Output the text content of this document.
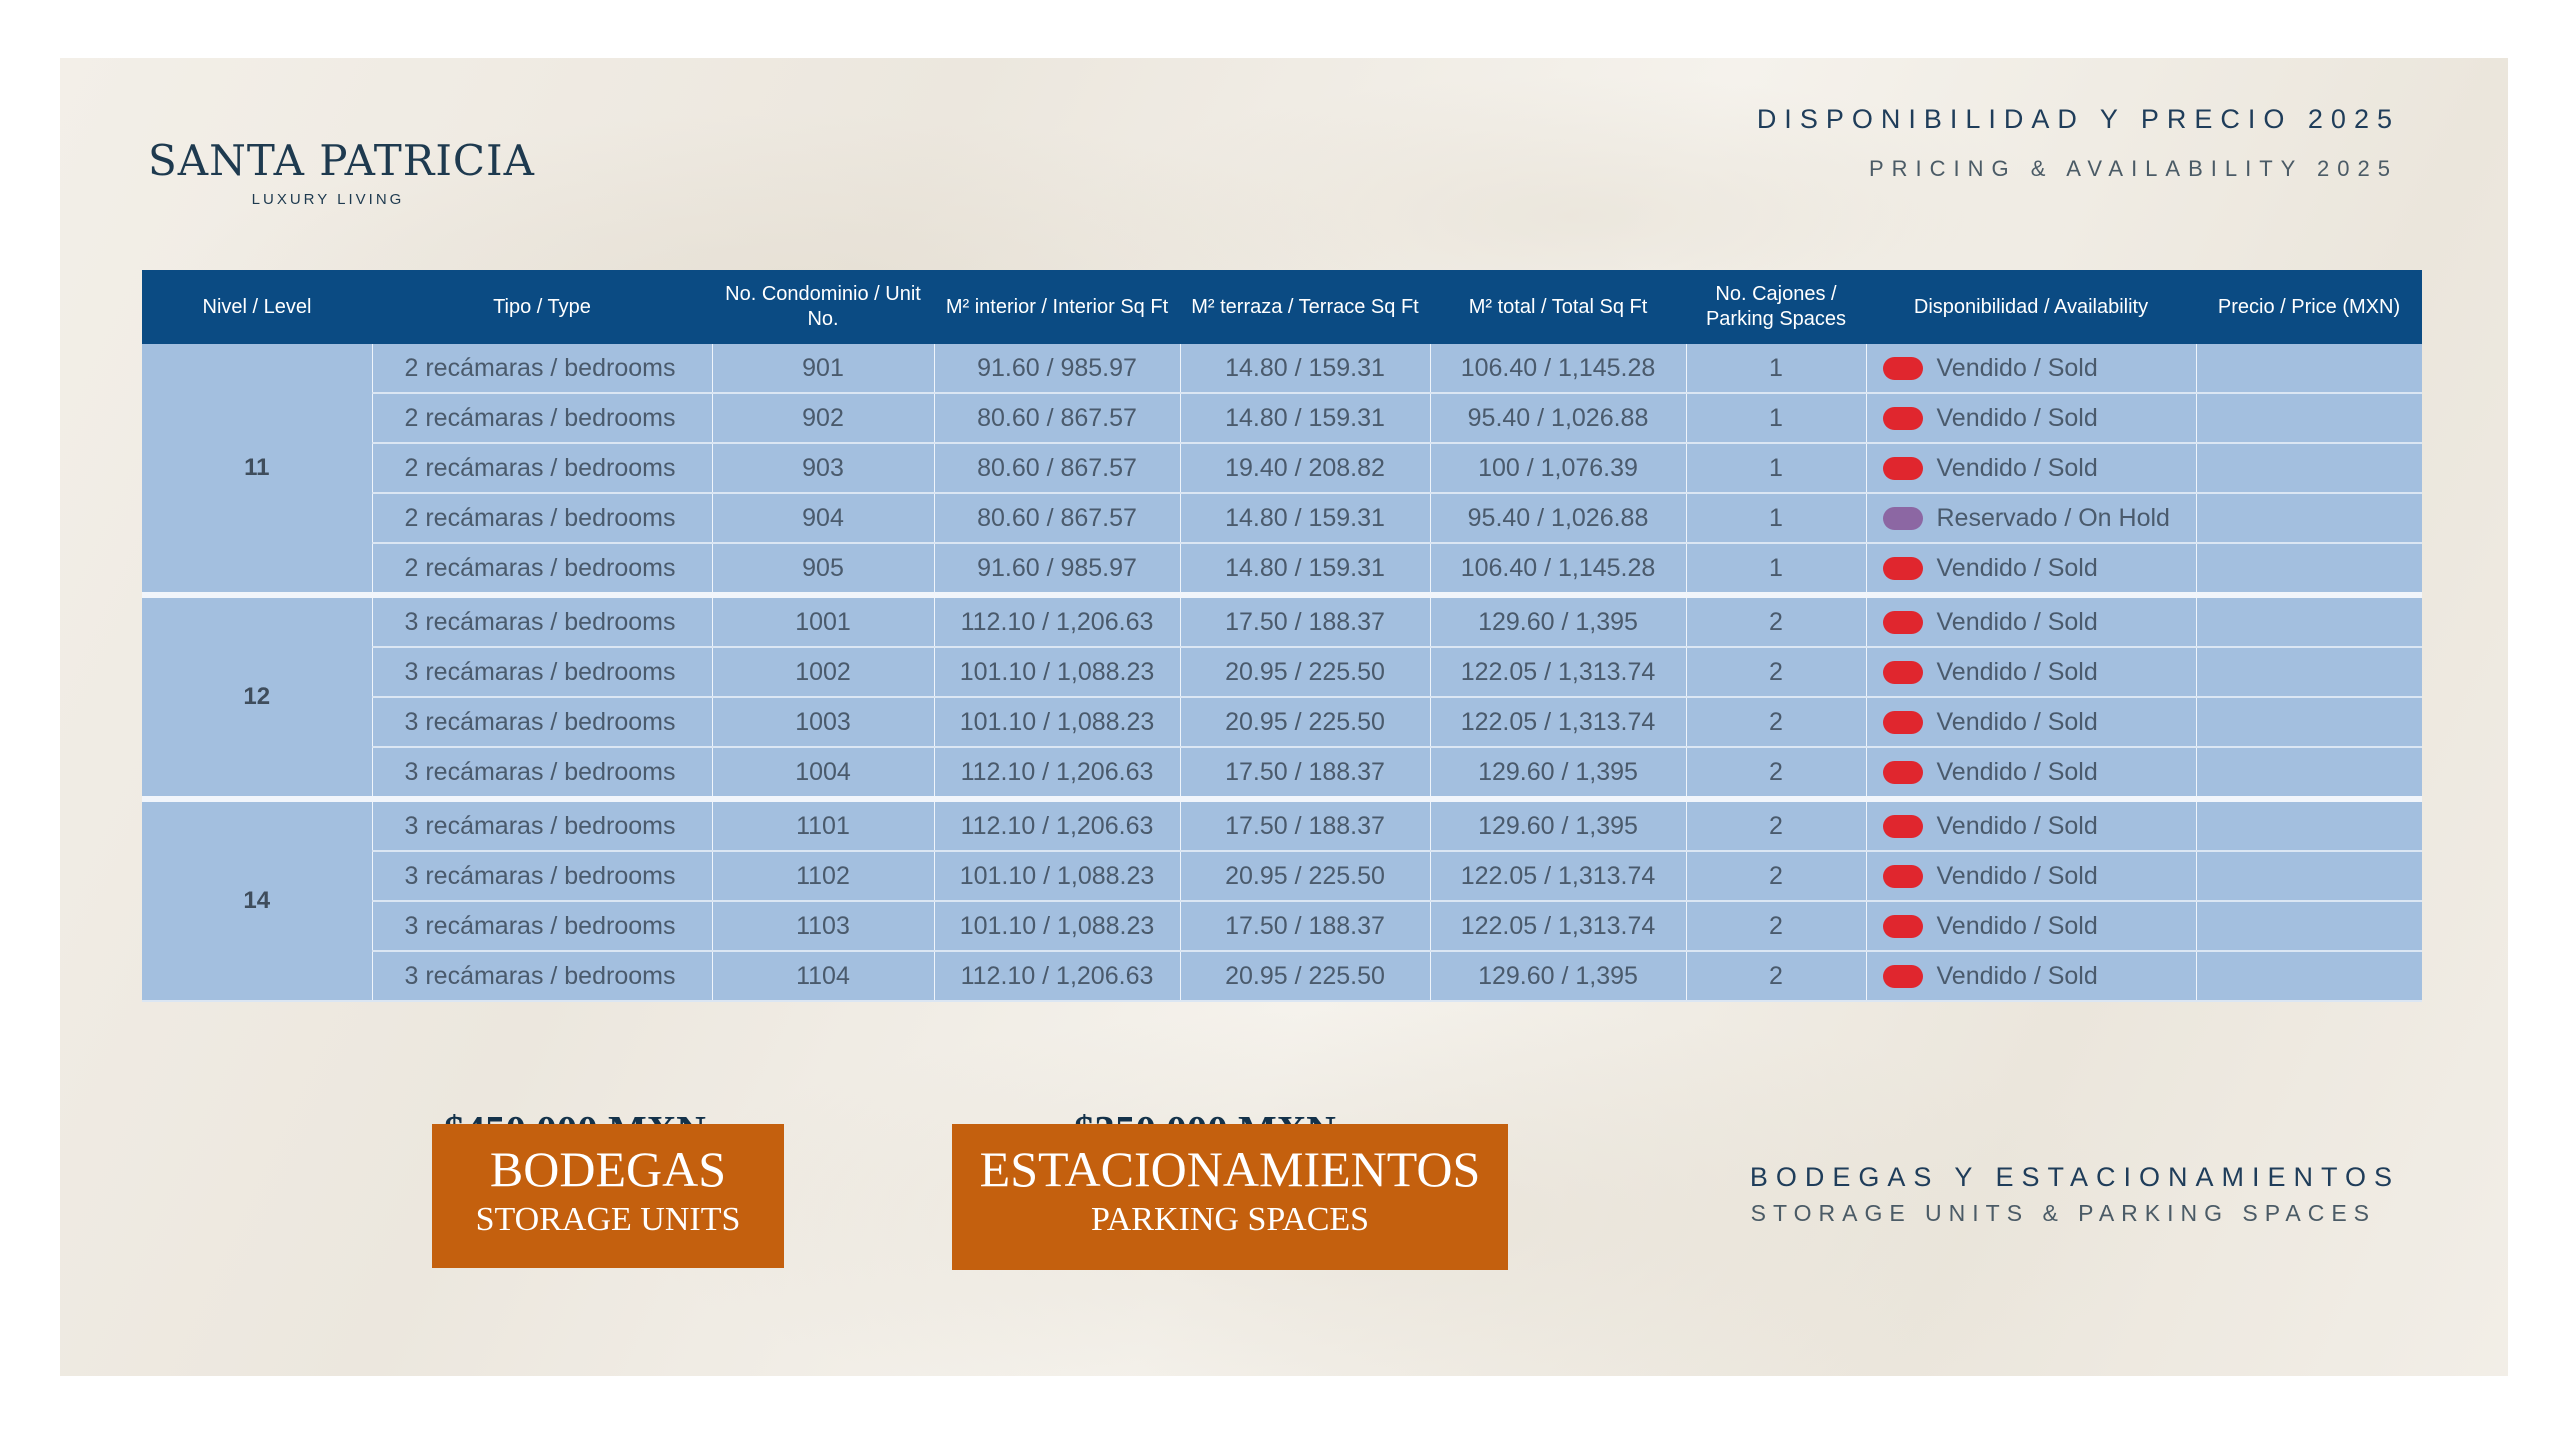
SANTA PATRICIA
LUXURY LIVING
DISPONIBILIDAD Y PRECIO 2025
PRICING & AVAILABILITY 2025
Nivel / Level	Tipo / Type	No. Condominio / Unit No.	M² interior / Interior Sq Ft	M² terraza / Terrace Sq Ft	M² total / Total Sq Ft	No. Cajones / Parking Spaces	Disponibilidad / Availability	Precio / Price (MXN)
11	2 recámaras / bedrooms	901	91.60 / 985.97	14.80 / 159.31	106.40 / 1,145.28	1	Vendido / Sold	
	2 recámaras / bedrooms	902	80.60 / 867.57	14.80 / 159.31	95.40 / 1,026.88	1	Vendido / Sold	
	2 recámaras / bedrooms	903	80.60 / 867.57	19.40 / 208.82	100 / 1,076.39	1	Vendido / Sold	
	2 recámaras / bedrooms	904	80.60 / 867.57	14.80 / 159.31	95.40 / 1,026.88	1	Reservado / On Hold	
	2 recámaras / bedrooms	905	91.60 / 985.97	14.80 / 159.31	106.40 / 1,145.28	1	Vendido / Sold	
12	3 recámaras / bedrooms	1001	112.10 / 1,206.63	17.50 / 188.37	129.60 / 1,395	2	Vendido / Sold	
	3 recámaras / bedrooms	1002	101.10 / 1,088.23	20.95 / 225.50	122.05 / 1,313.74	2	Vendido / Sold	
	3 recámaras / bedrooms	1003	101.10 / 1,088.23	20.95 / 225.50	122.05 / 1,313.74	2	Vendido / Sold	
	3 recámaras / bedrooms	1004	112.10 / 1,206.63	17.50 / 188.37	129.60 / 1,395	2	Vendido / Sold	
14	3 recámaras / bedrooms	1101	112.10 / 1,206.63	17.50 / 188.37	129.60 / 1,395	2	Vendido / Sold	
	3 recámaras / bedrooms	1102	101.10 / 1,088.23	20.95 / 225.50	122.05 / 1,313.74	2	Vendido / Sold	
	3 recámaras / bedrooms	1103	101.10 / 1,088.23	17.50 / 188.37	122.05 / 1,313.74	2	Vendido / Sold	
	3 recámaras / bedrooms	1104	112.10 / 1,206.63	20.95 / 225.50	129.60 / 1,395	2	Vendido / Sold	
BODEGAS
STORAGE UNITS
ESTACIONAMIENTOS
PARKING SPACES
BODEGAS Y ESTACIONAMIENTOS
STORAGE UNITS & PARKING SPACES
